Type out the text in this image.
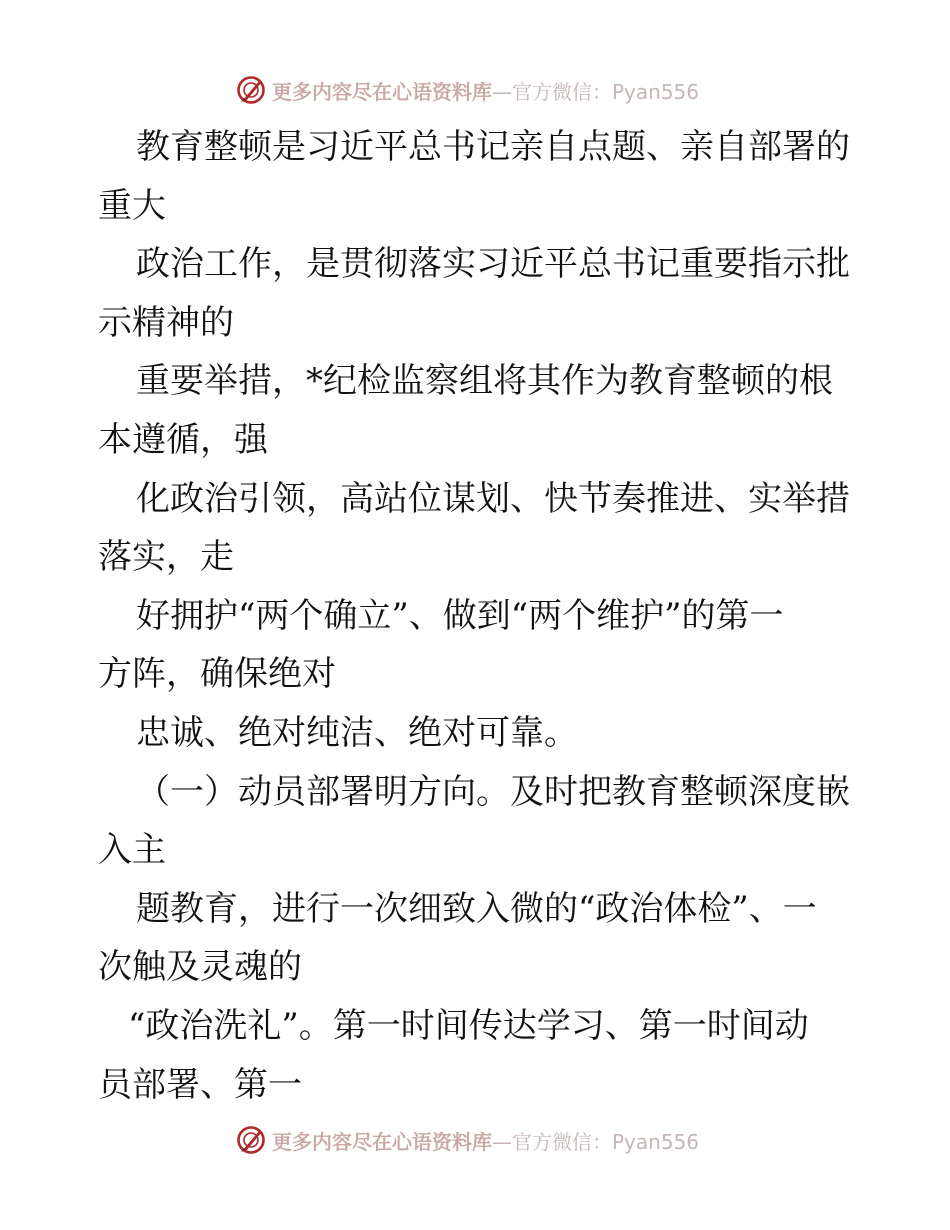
更多内容尽在心语资料库 —官方微信：Pyan556
教育整顿是习近平总书记亲自点题、亲自部署的
重大
政治工作，是贯彻落实习近平总书记重要指示批
示精神的
重要举措，*纪检监察组将其作为教育整顿的根
本遵循，强
化政治引领，高站位谋划、快节奏推进、实举措
落实，走
好拥护“两个确立”、做到“两个维护”的第一
方阵，确保绝对
忠诚、绝对纯洁、绝对可靠。
（一）动员部署明方向。及时把教育整顿深度嵌
入主
题教育，进行一次细致入微的“政治体检”、一
次触及灵魂的
“政治洗礼”。第一时间传达学习、第一时间动
员部署、第一
更多内容尽在心语资料库 —官方微信：Pyan556
